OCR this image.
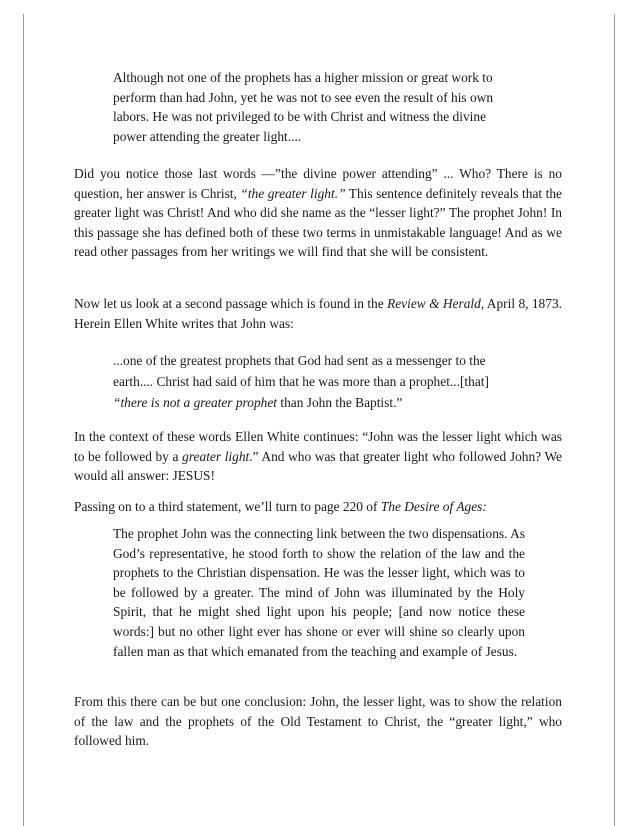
Although not one of the prophets has a higher mission or great work to
perform than had John, yet he was not to see even the result of his own
labors. He was not privileged to be with Christ and witness the divine
power attending the greater light....

Did you notice those last words —”the divine power attending” ... Who? There is no question, her answer is Christ, “the greater light.” This sentence definitely reveals that the greater light was Christ! And who did she name as the “lesser light?” The prophet John! In this passage she has defined both of these two terms in unmistakable language! And as we read other passages from her writings we will find that she will be consistent.

Now let us look at a second passage which is found in the Review & Herald, April 8, 1873. Herein Ellen White writes that John was:

...one of the greatest prophets that God had sent as a messenger to the
earth.... Christ had said of him that he was more than a prophet...[that]
“there is not a greater prophet than John the Baptist.”

In the context of these words Ellen White continues: “John was the lesser light which was to be followed by a greater light.” And who was that greater light who followed John? We would all answer: JESUS!

Passing on to a third statement, we’ll turn to page 220 of The Desire of Ages:

The prophet John was the connecting link between the two dispensations. As God’s representative, he stood forth to show the relation of the law and the prophets to the Christian dispensation. He was the lesser light, which was to be followed by a greater. The mind of John was illuminated by the Holy Spirit, that he might shed light upon his people; [and now notice these words:] but no other light ever has shone or ever will shine so clearly upon fallen man as that which emanated from the teaching and example of Jesus.

From this there can be but one conclusion: John, the lesser light, was to show the relation of the law and the prophets of the Old Testament to Christ, the “greater light,” who followed him.
